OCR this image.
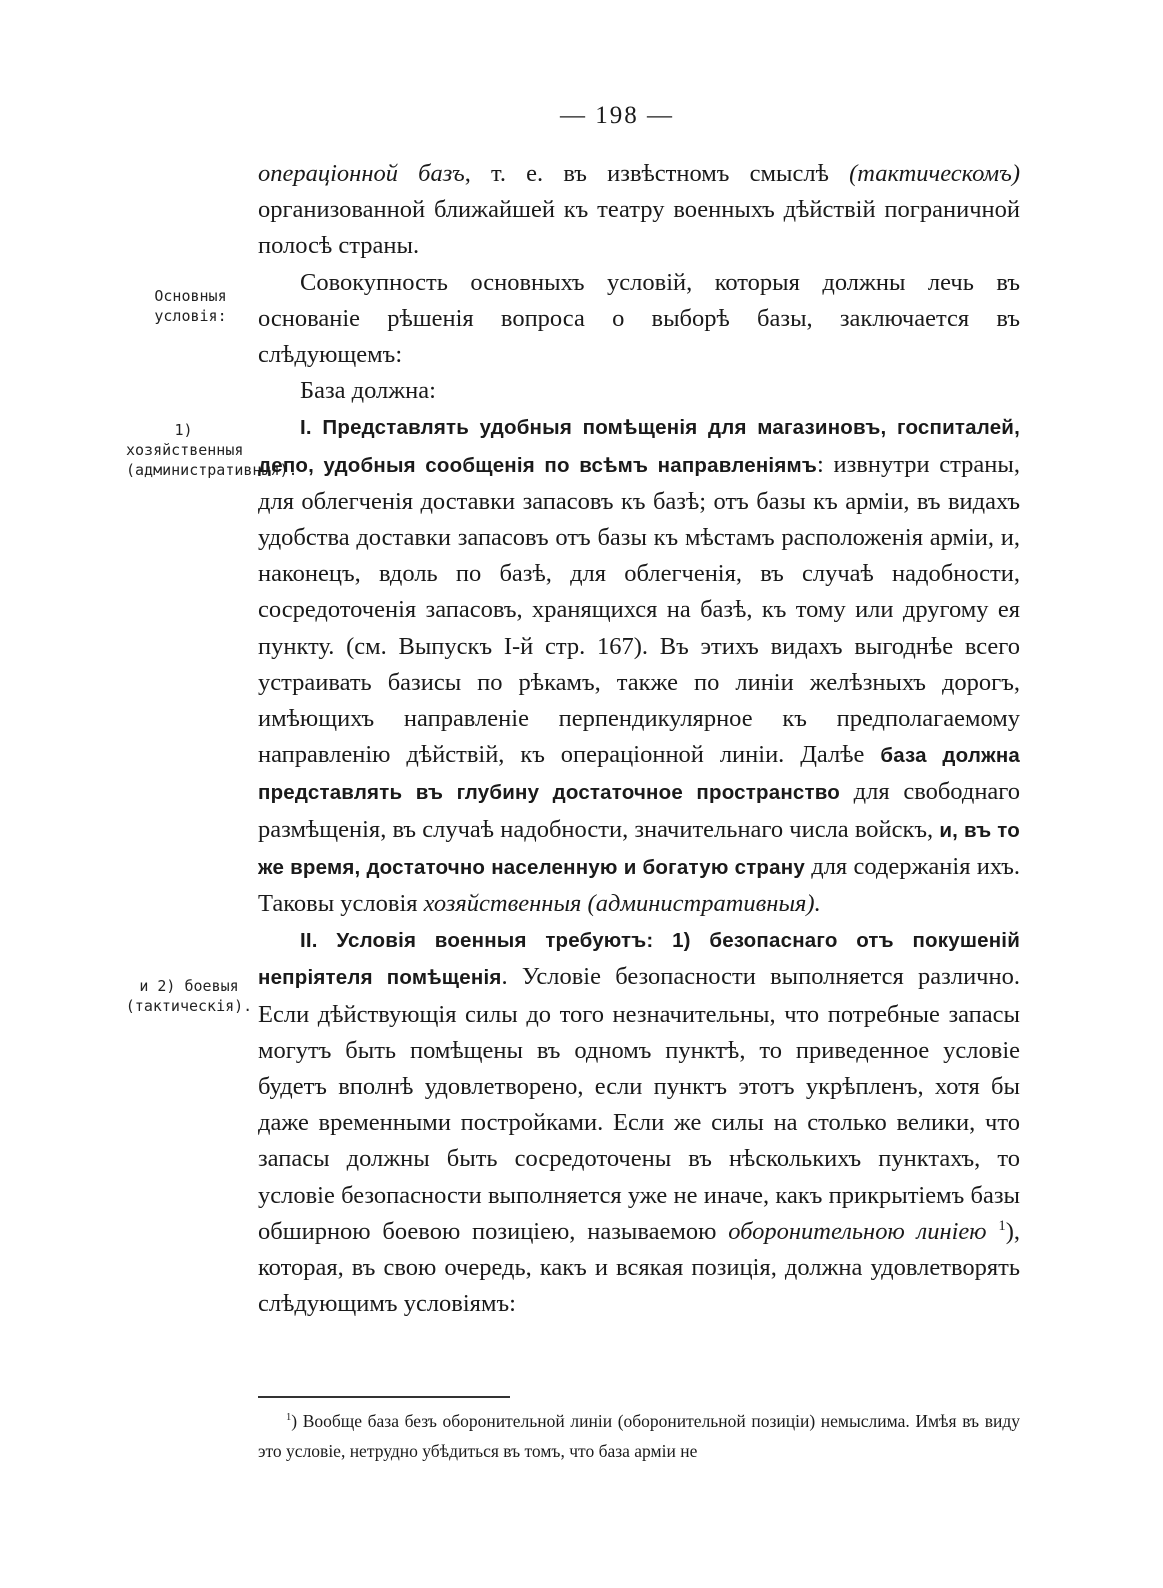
— 198 —
Основныя условія:
1) хозяйственныя (административныя).
и 2) боевыя (тактическія).

операціонной базъ, т. е. въ извѣстномъ смыслѣ (тактическомъ) организованной ближайшей къ театру военныхъ дѣйствій пограничной полосѣ страны.

Совокупность основныхъ условій, которыя должны лечь въ основаніе рѣшенія вопроса о выборѣ базы, заключается въ слѣдующемъ:

База должна:

I. Представлять удобныя помѣщенія для магазиновъ, госпиталей, депо, удобныя сообщенія по всѣмъ направленіямъ: извнутри страны, для облегченія доставки запасовъ къ базѣ; отъ базы къ арміи, въ видахъ удобства доставки запасовъ отъ базы къ мѣстамъ расположенія арміи, и, наконецъ, вдоль по базѣ, для облегченія, въ случаѣ надобности, сосредоточенія запасовъ, хранящихся на базѣ, къ тому или другому ея пункту. (см. Выпускъ I-й стр. 167). Въ этихъ видахъ выгоднѣе всего устраивать базисы по рѣкамъ, также по линіи желѣзныхъ дорогъ, имѣющихъ направленіе перпендикулярное къ предполагаемому направленію дѣйствій, къ операціонной линіи. Далѣе база должна представлять въ глубину достаточное пространство для свободнаго размѣщенія, въ случаѣ надобности, значительнаго числа войскъ, и, въ то же время, достаточно населенную и богатую страну для содержанія ихъ. Таковы условія хозяйственныя (административныя).

II. Условія военныя требуютъ: 1) безопаснаго отъ покушеній непріятеля помѣщенія. Условіе безопасности выполняется различно. Если дѣйствующія силы до того незначительны, что потребные запасы могутъ быть помѣщены въ одномъ пунктѣ, то приведенное условіе будетъ вполнѣ удовлетворено, если пунктъ этотъ укрѣпленъ, хотя бы даже временными постройками. Если же силы на столько велики, что запасы должны быть сосредоточены въ нѣсколькихъ пунктахъ, то условіе безопасности выполняется уже не иначе, какъ прикрытіемъ базы обширною боевою позиціею, называемою оборонительною линіею $^1$), которая, въ свою очередь, какъ и всякая позиція, должна удовлетворять слѣдующимъ условіямъ:

$^1$) Вообще база безъ оборонительной линіи (оборонительной позиціи) немыслима. Имѣя въ виду это условіе, нетрудно убѣдиться въ томъ, что база арміи не
